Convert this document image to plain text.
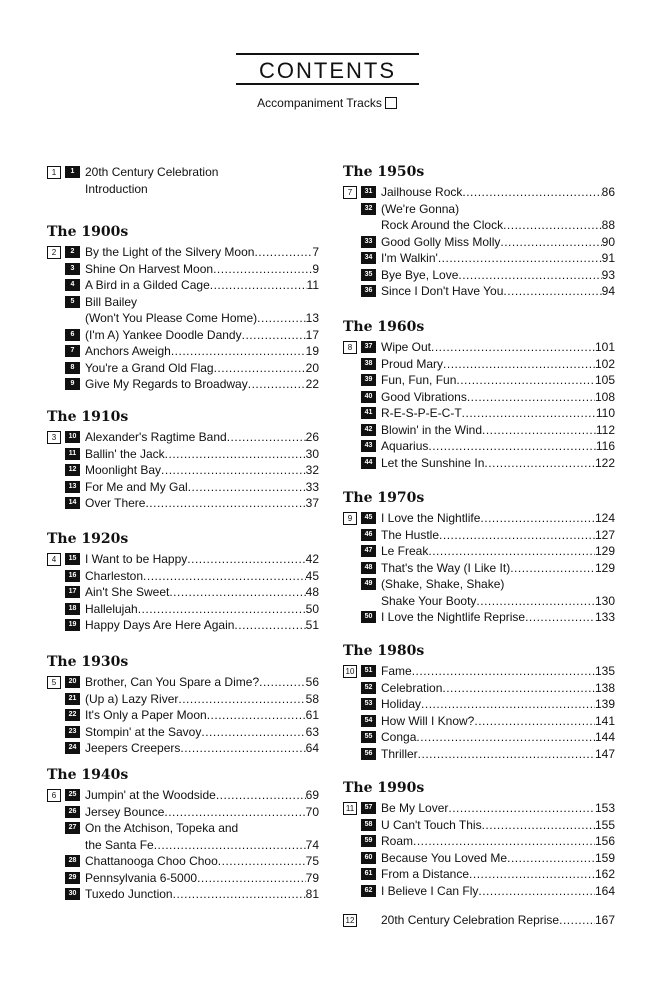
CONTENTS
Accompaniment Tracks
1	1 20th Century Celebration
Introduction
The 1900s
2	2 By the Light of the Silvery Moon .....	7
3 Shine On Harvest Moon .....	9
4 A Bird in a Gilded Cage .....	11
5 Bill Bailey
(Won't You Please Come Home) .....	13
6 (I'm A) Yankee Doodle Dandy .....	17
7 Anchors Aweigh .....	19
8 You're a Grand Old Flag .....	20
9 Give My Regards to Broadway .....	22
The 1910s
3	10 Alexander's Ragtime Band .....	26
11 Ballin' the Jack .....	30
12 Moonlight Bay .....	32
13 For Me and My Gal .....	33
14 Over There .....	37
The 1920s
4	15 I Want to be Happy .....	42
16 Charleston .....	45
17 Ain't She Sweet .....	48
18 Hallelujah .....	50
19 Happy Days Are Here Again .....	51
The 1930s
5	20 Brother, Can You Spare a Dime? .....	56
21 (Up a) Lazy River .....	58
22 It's Only a Paper Moon .....	61
23 Stompin' at the Savoy .....	63
24 Jeepers Creepers .....	64
The 1940s
6	25 Jumpin' at the Woodside .....	69
26 Jersey Bounce .....	70
27 On the Atchison, Topeka and
the Santa Fe .....	74
28 Chattanooga Choo Choo .....	75
29 Pennsylvania 6-5000 .....	79
30 Tuxedo Junction .....	81
The 1950s
7	31 Jailhouse Rock .....	86
32 (We're Gonna)
Rock Around the Clock .....	88
33 Good Golly Miss Molly .....	90
34 I'm Walkin' .....	91
35 Bye Bye, Love .....	93
36 Since I Don't Have You .....	94
The 1960s
8	37 Wipe Out .....	101
38 Proud Mary .....	102
39 Fun, Fun, Fun .....	105
40 Good Vibrations .....	108
41 R-E-S-P-E-C-T .....	110
42 Blowin' in the Wind .....	112
43 Aquarius .....	116
44 Let the Sunshine In .....	122
The 1970s
9	45 I Love the Nightlife .....	124
46 The Hustle .....	127
47 Le Freak .....	129
48 That's the Way (I Like It) .....	129
49 (Shake, Shake, Shake)
Shake Your Booty .....	130
50 I Love the Nightlife Reprise .....	133
The 1980s
10	51 Fame .....	135
52 Celebration .....	138
53 Holiday .....	139
54 How Will I Know? .....	141
55 Conga .....	144
56 Thriller .....	147
The 1990s
11	57 Be My Lover .....	153
58 U Can't Touch This .....	155
59 Roam .....	156
60 Because You Loved Me .....	159
61 From a Distance .....	162
62 I Believe I Can Fly .....	164
12 20th Century Celebration Reprise .....	167
